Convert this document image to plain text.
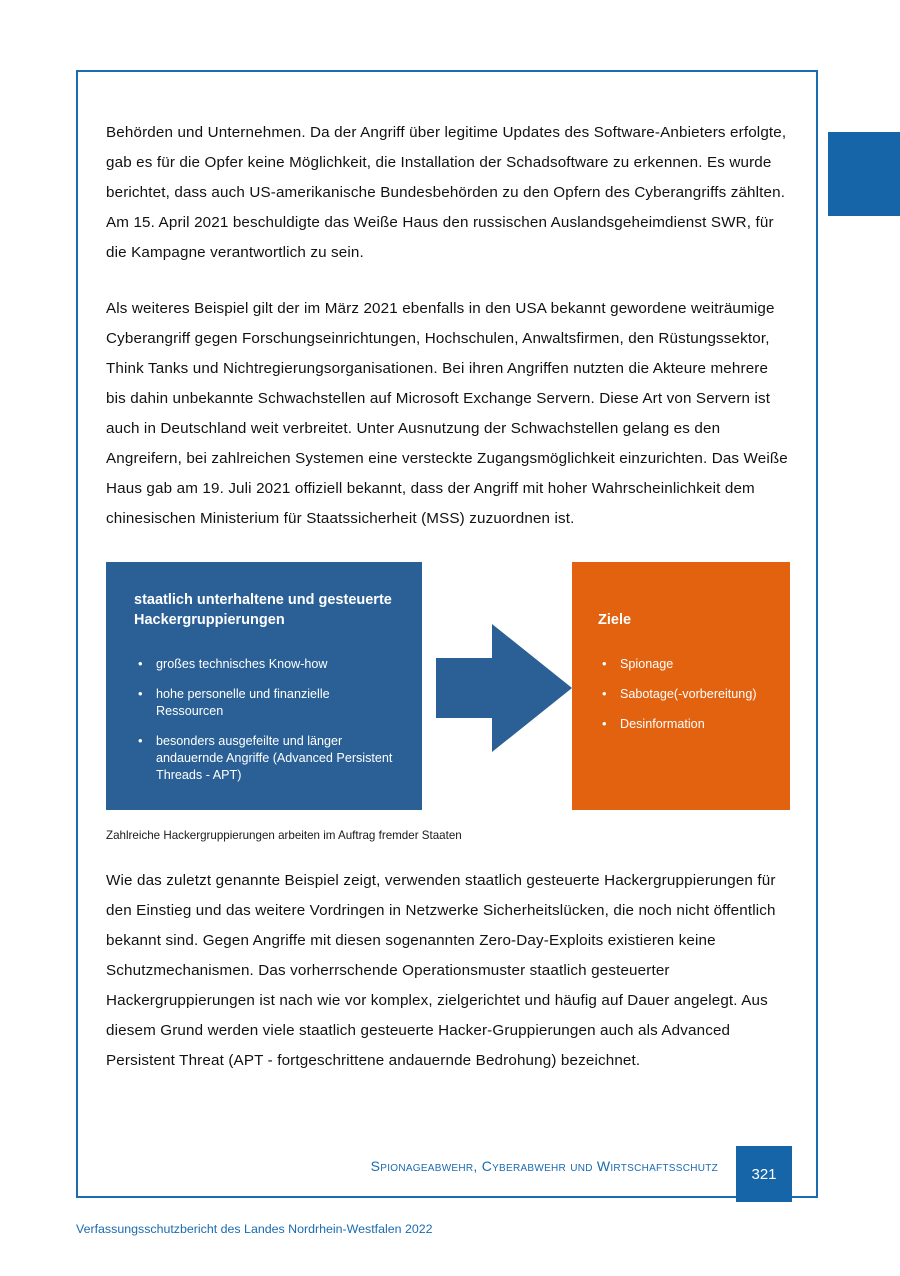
Behörden und Unternehmen. Da der Angriff über legitime Updates des Software-Anbieters erfolgte, gab es für die Opfer keine Möglichkeit, die Installation der Schadsoftware zu erkennen. Es wurde berichtet, dass auch US-amerikanische Bundesbehörden zu den Opfern des Cyberangriffs zählten. Am 15. April 2021 beschuldigte das Weiße Haus den russischen Auslandsgeheimdienst SWR, für die Kampagne verantwortlich zu sein.

Als weiteres Beispiel gilt der im März 2021 ebenfalls in den USA bekannt gewordene weiträumige Cyberangriff gegen Forschungseinrichtungen, Hochschulen, Anwaltsfirmen, den Rüstungssektor, Think Tanks und Nichtregierungsorganisationen. Bei ihren Angriffen nutzten die Akteure mehrere bis dahin unbekannte Schwachstellen auf Microsoft Exchange Servern. Diese Art von Servern ist auch in Deutschland weit verbreitet. Unter Ausnutzung der Schwachstellen gelang es den Angreifern, bei zahlreichen Systemen eine versteckte Zugangsmöglichkeit einzurichten. Das Weiße Haus gab am 19. Juli 2021 offiziell bekannt, dass der Angriff mit hoher Wahrscheinlichkeit dem chinesischen Ministerium für Staatssicherheit (MSS) zuzuordnen ist.

staatlich unterhaltene und gesteuerte Hackergruppierungen
• großes technisches Know-how
• hohe personelle und finanzielle Ressourcen
• besonders ausgefeilte und länger andauernde Angriffe (Advanced Persistent Threads - APT)
Ziele
• Spionage
• Sabotage(-vorbereitung)
• Desinformation

Zahlreiche Hackergruppierungen arbeiten im Auftrag fremder Staaten

Wie das zuletzt genannte Beispiel zeigt, verwenden staatlich gesteuerte Hackergruppierungen für den Einstieg und das weitere Vordringen in Netzwerke Sicherheitslücken, die noch nicht öffentlich bekannt sind. Gegen Angriffe mit diesen sogenannten Zero-Day-Exploits existieren keine Schutzmechanismen. Das vorherrschende Operationsmuster staatlich gesteuerter Hackergruppierungen ist nach wie vor komplex, zielgerichtet und häufig auf Dauer angelegt. Aus diesem Grund werden viele staatlich gesteuerte Hacker-Gruppierungen auch als Advanced Persistent Threat (APT - fortgeschrittene andauernde Bedrohung) bezeichnet.

Spionageabwehr, Cyberabwehr und Wirtschaftsschutz	321
Verfassungsschutzbericht des Landes Nordrhein-Westfalen 2022
